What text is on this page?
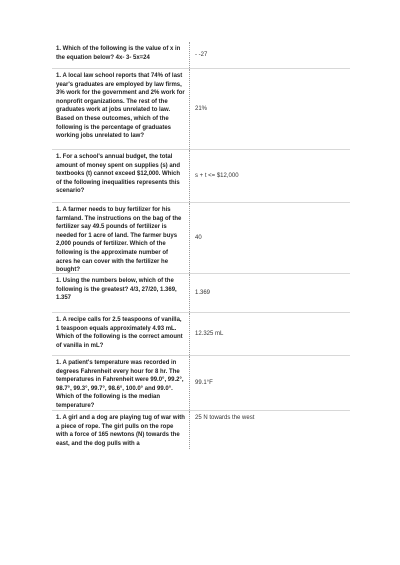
1. Which of the following is the value of x in the equation below? 4x- 3- 5x=24	- -27
1. A local law school reports that 74% of last year's graduates are employed by law firms, 3% work for the government and 2% work for nonprofit organizations. The rest of the graduates work at jobs unrelated to law. Based on these outcomes, which of the following is the percentage of graduates working jobs unrelated to law?
21%
1. For a school's annual budget, the total amount of money spent on supplies (s) and textbooks (t) cannot exceed $12,000. Which of the following inequalities represents this scenario?
s + t <= $12,000
1. A farmer needs to buy fertilizer for his farmland. The instructions on the bag of the fertilizer say 49.5 pounds of fertilizer is needed for 1 acre of land. The farmer buys 2,000 pounds of fertilizer. Which of the following is the approximate number of acres he can cover with the fertilizer he bought?
40
1. Using the numbers below, which of the following is the greatest? 4/3, 27/20, 1.369, 1.357
1.369
1. A recipe calls for 2.5 teaspoons of vanilla, 1 teaspoon equals approximately 4.93 mL. Which of the following is the correct amount of vanilla in mL?
12.325 mL
1. A patient's temperature was recorded in degrees Fahrenheit every hour for 8 hr. The temperatures in Fahrenheit were 99.0°, 99.2°, 98.7°, 99.3°, 99.7°, 98.6°, 100.0° and 99.0°. Which of the following is the median temperature?
99.1°F
1. A girl and a dog are playing tug of war with a piece of rope. The girl pulls on the rope with a force of 165 newtons (N) towards the east, and the dog pulls with a
25 N towards the west
